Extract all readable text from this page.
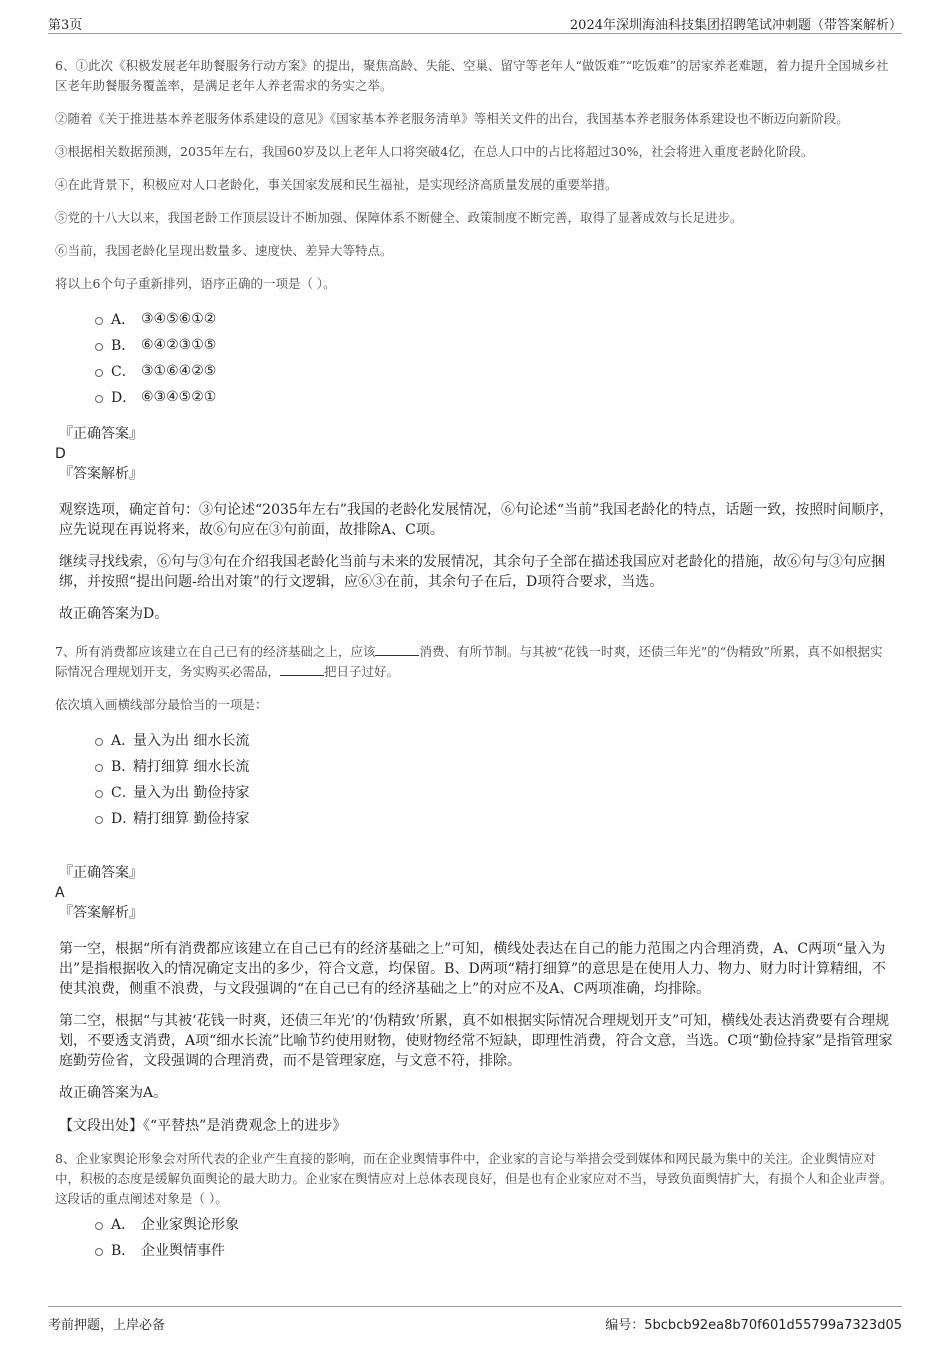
第3页	2024年深圳海油科技集团招聘笔试冲刺题（带答案解析）

6、①此次《积极发展老年助餐服务行动方案》的提出，聚焦高龄、失能、空巢、留守等老年人“做饭难”“吃饭难”的居家养老难题，着力提升全国城乡社区老年助餐服务覆盖率，是满足老年人养老需求的务实之举。

②随着《关于推进基本养老服务体系建设的意见》《国家基本养老服务清单》等相关文件的出台，我国基本养老服务体系建设也不断迈向新阶段。

③根据相关数据预测，2035年左右，我国60岁及以上老年人口将突破4亿，在总人口中的占比将超过30%，社会将进入重度老龄化阶段。

④在此背景下，积极应对人口老龄化，事关国家发展和民生福祉，是实现经济高质量发展的重要举措。

⑤党的十八大以来，我国老龄工作顶层设计不断加强、保障体系不断健全、政策制度不断完善，取得了显著成效与长足进步。

⑥当前，我国老龄化呈现出数量多、速度快、差异大等特点。

将以上6个句子重新排列，语序正确的一项是（ ）。

A． ③④⑤⑥①②
B． ⑥④②③①⑤
C． ③①⑥④②⑤
D． ⑥③④⑤②①
『正确答案』
D
『答案解析』

观察选项，确定首句：③句论述“2035年左右”我国的老龄化发展情况，⑥句论述“当前”我国老龄化的特点，话题一致，按照时间顺序，应先说现在再说将来，故⑥句应在③句前面，故排除A、C项。

继续寻找线索，⑥句与③句在介绍我国老龄化当前与未来的发展情况，其余句子全部在描述我国应对老龄化的措施，故⑥句与③句应捆绑，并按照“提出问题-给出对策”的行文逻辑，应⑥③在前，其余句子在后，D项符合要求，当选。

故正确答案为D。

7、所有消费都应该建立在自己已有的经济基础之上，应该	消费、有所节制。与其被“花钱一时爽，还债三年光”的“伪精致”所累，真不如根据实际情况合理规划开支，务实购买必需品，	把日子过好。

依次填入画横线部分最恰当的一项是：

A．
量入为出 细水长流
B．
精打细算 细水长流
C．
量入为出 勤俭持家
D．
精打细算 勤俭持家
『正确答案』
A
『答案解析』

第一空，根据“所有消费都应该建立在自己已有的经济基础之上”可知，横线处表达在自己的能力范围之内合理消费，A、C两项“量入为出”是指根据收入的情况确定支出的多少，符合文意，均保留。B、D两项“精打细算”的意思是在使用人力、物力、财力时计算精细，不使其浪费，侧重不浪费，与文段强调的“在自己已有的经济基础之上”的对应不及A、C两项准确，均排除。

第二空，根据“与其被‘花钱一时爽，还债三年光’的‘伪精致’所累，真不如根据实际情况合理规划开支”可知，横线处表达消费要有合理规划，不要透支消费，A项“细水长流”比喻节约使用财物，使财物经常不短缺，即理性消费，符合文意，当选。C项“勤俭持家”是指管理家庭勤劳俭省，文段强调的合理消费，而不是管理家庭，与文意不符，排除。

故正确答案为A。

【文段出处】《“平替热”是消费观念上的进步》

8、企业家舆论形象会对所代表的企业产生直接的影响，而在企业舆情事件中，企业家的言论与举措会受到媒体和网民最为集中的关注。企业舆情应对中，积极的态度是缓解负面舆论的最大助力。企业家在舆情应对上总体表现良好，但是也有企业家应对不当，导致负面舆情扩大，有损个人和企业声誉。

这段话的重点阐述对象是（ ）。

A． 企业家舆论形象
B． 企业舆情事件
考前押题，上岸必备	编号：5bcbcb92ea8b70f601d55799a7323d05
